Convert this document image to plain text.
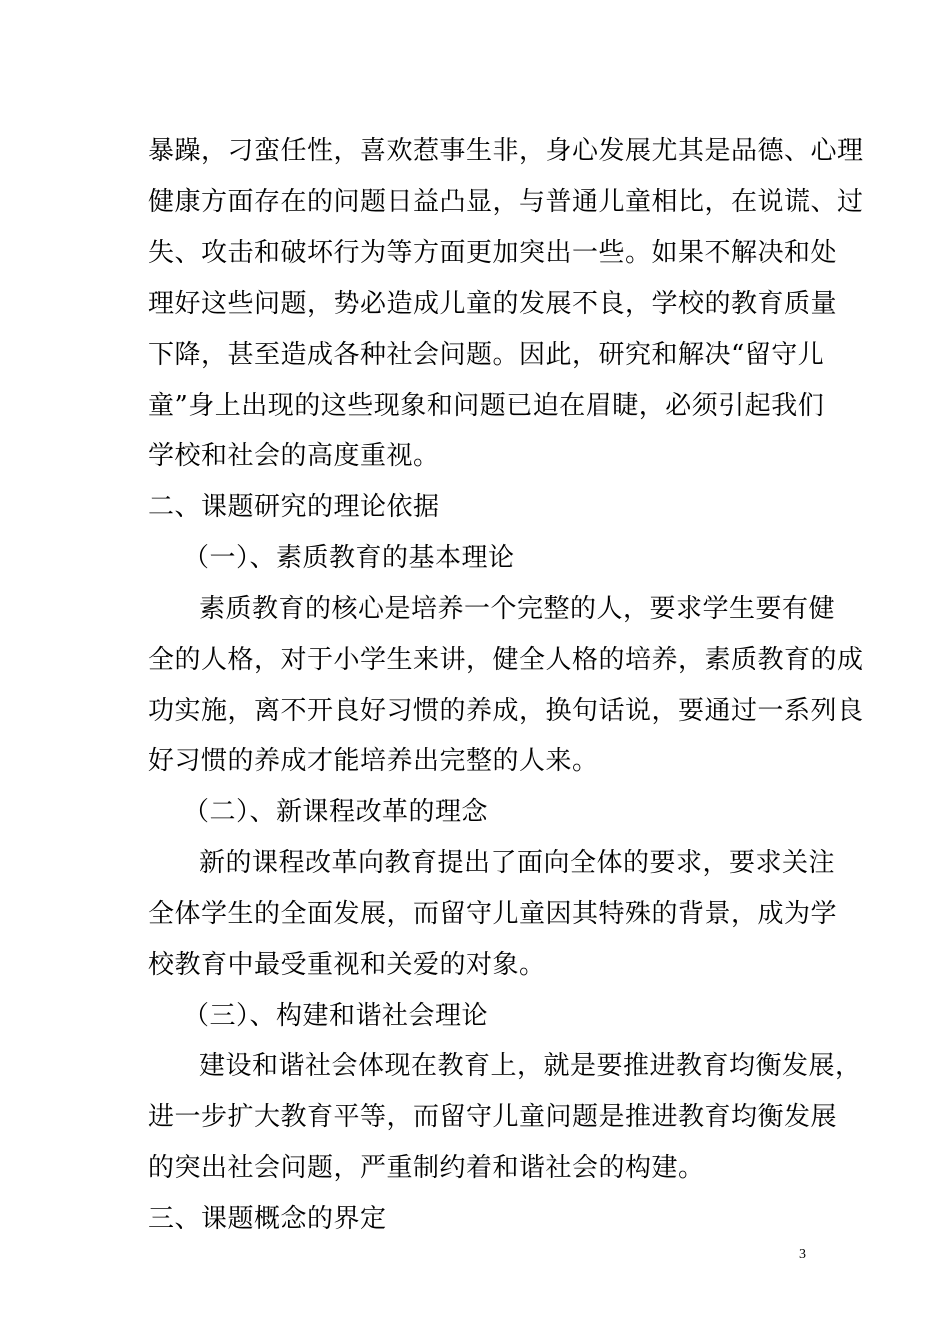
暴躁，刁蛮任性，喜欢惹事生非，身心发展尤其是品德、心理
健康方面存在的问题日益凸显，与普通儿童相比，在说谎、过
失、攻击和破坏行为等方面更加突出一些。如果不解决和处
理好这些问题，势必造成儿童的发展不良，学校的教育质量
下降，甚至造成各种社会问题。因此，研究和解决“留守儿
童”身上出现的这些现象和问题已迫在眉睫，必须引起我们
学校和社会的高度重视。
二、课题研究的理论依据
（一）、素质教育的基本理论
素质教育的核心是培养一个完整的人，要求学生要有健
全的人格，对于小学生来讲，健全人格的培养，素质教育的成
功实施，离不开良好习惯的养成，换句话说，要通过一系列良
好习惯的养成才能培养出完整的人来。
（二）、新课程改革的理念
新的课程改革向教育提出了面向全体的要求，要求关注
全体学生的全面发展，而留守儿童因其特殊的背景，成为学
校教育中最受重视和关爱的对象。
（三）、构建和谐社会理论
建设和谐社会体现在教育上，就是要推进教育均衡发展，
进一步扩大教育平等，而留守儿童问题是推进教育均衡发展
的突出社会问题，严重制约着和谐社会的构建。
三、课题概念的界定
3
